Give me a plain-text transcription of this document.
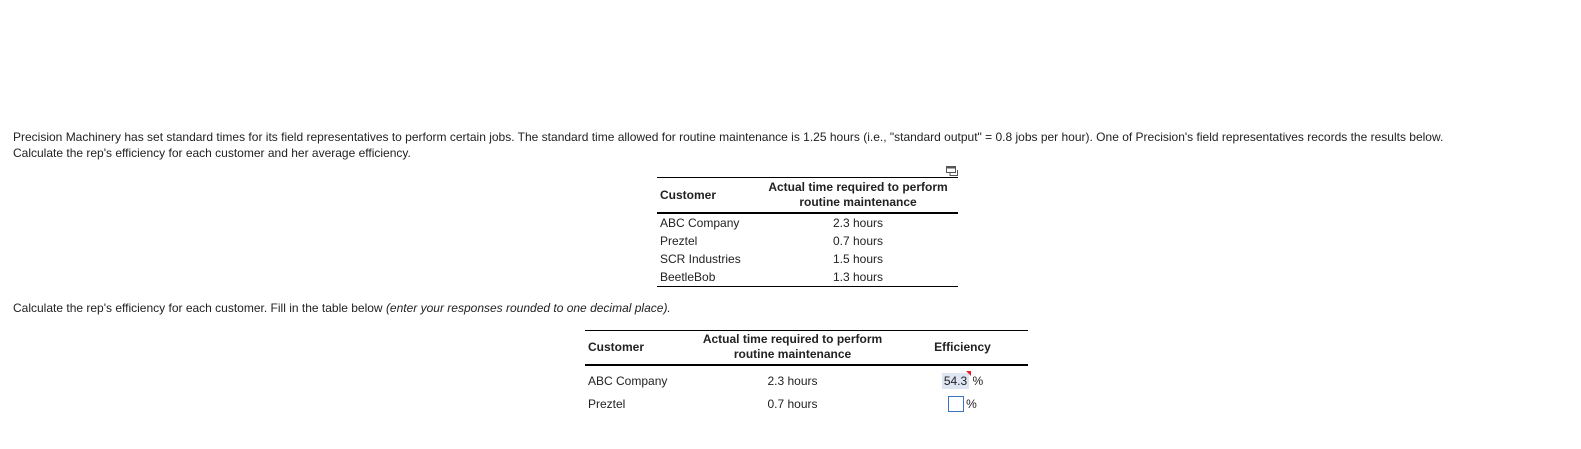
Precision Machinery has set standard times for its field representatives to perform certain jobs. The standard time allowed for routine maintenance is 1.25 hours (i.e., "standard output" = 0.8 jobs per hour). One of Precision's field representatives records the results below.

Calculate the rep's efficiency for each customer and her average efficiency.

Customer	Actual time required to perform routine maintenance
ABC Company	2.3 hours
Preztel	0.7 hours
SCR Industries	1.5 hours
BeetleBob	1.3 hours
Calculate the rep's efficiency for each customer. Fill in the table below (enter your responses rounded to one decimal place).
Customer	Actual time required to perform routine maintenance	Efficiency
ABC Company	2.3 hours	54.3 %
Preztel	0.7 hours	%
